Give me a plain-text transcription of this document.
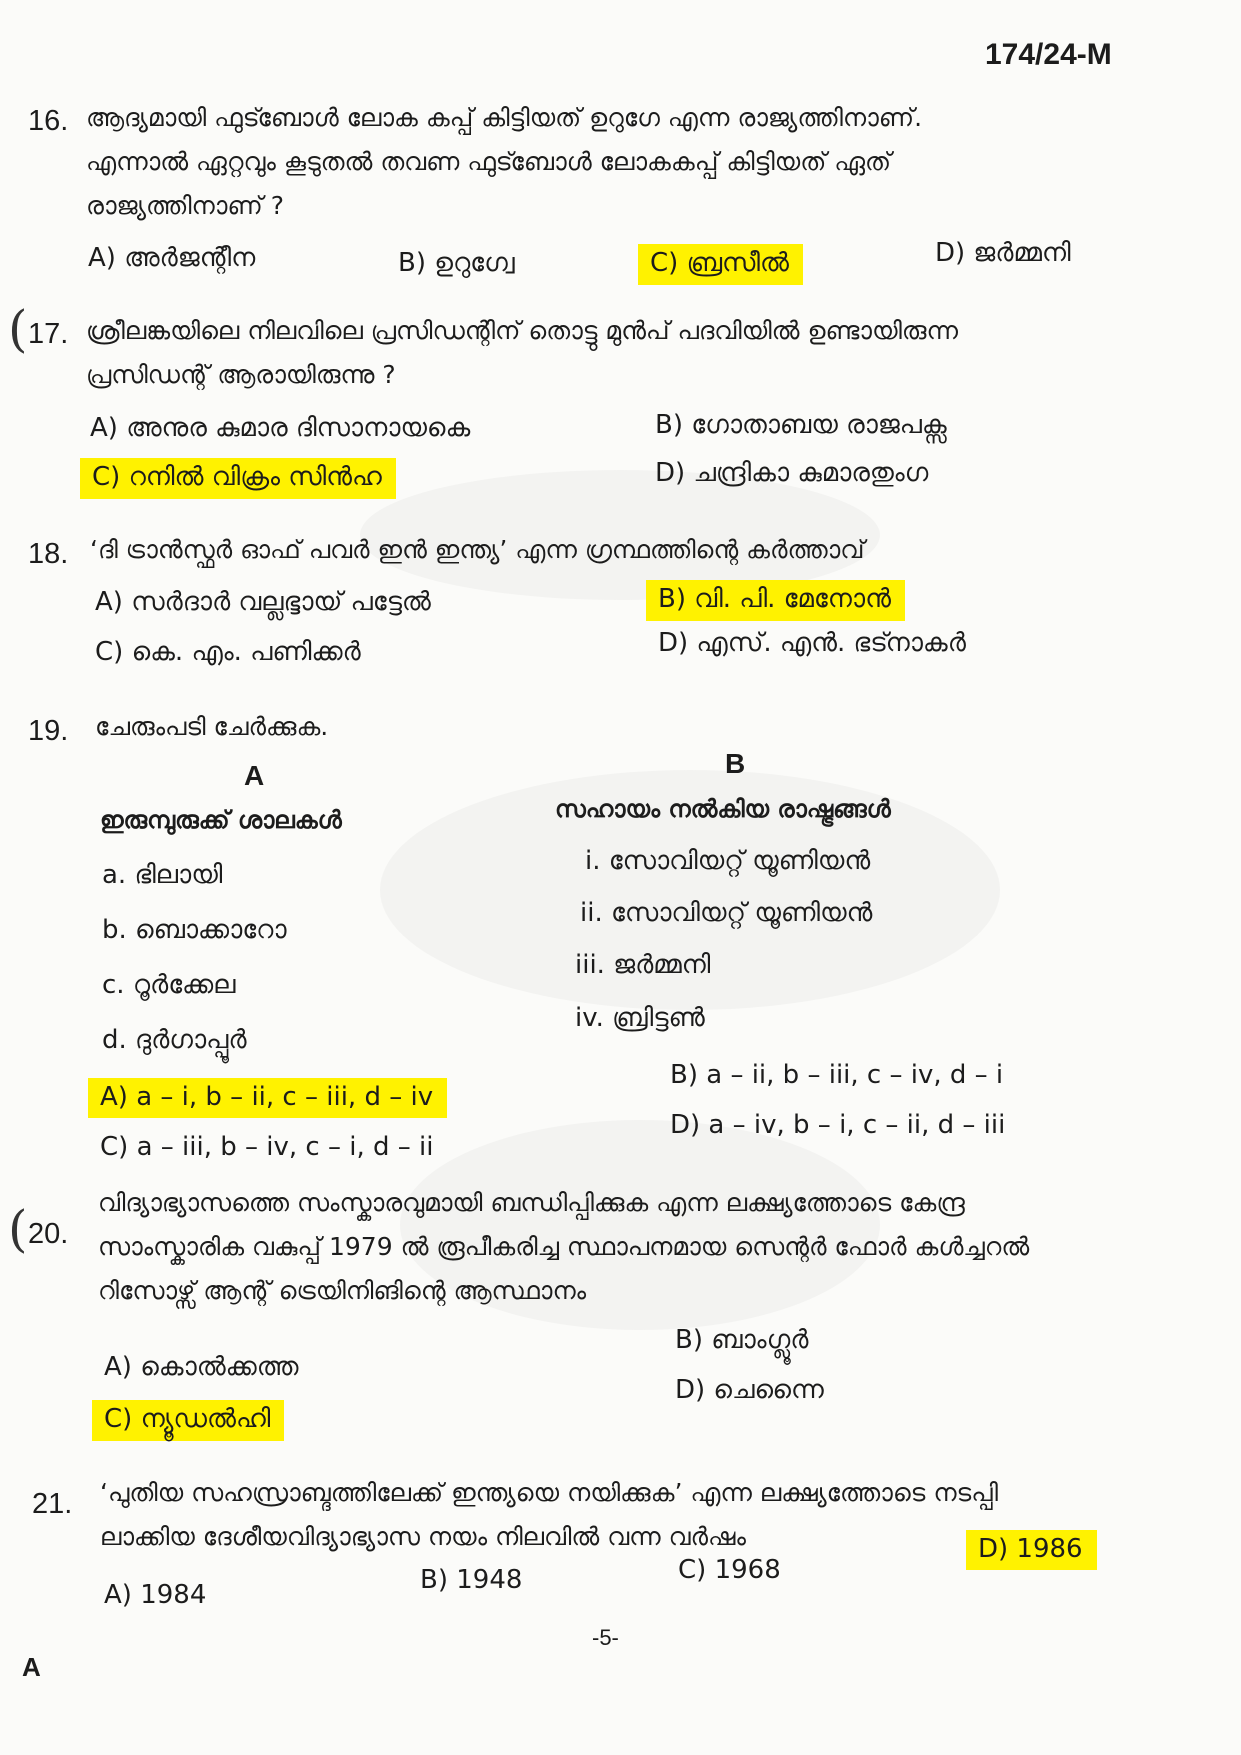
174/24-M
16. ആദ്യമായി ഫുട്ബോൾ ലോക കപ്പ് കിട്ടിയത് ഉറുഗേ എന്ന രാജ്യത്തിനാണ്.
എന്നാൽ ഏറ്റവും കൂടുതൽ തവണ ഫുട്ബോൾ ലോകകപ്പ് കിട്ടിയത് ഏത്
രാജ്യത്തിനാണ് ?
A) അർജന്റീന	B) ഉറുഗ്വേ	C) ബ്രസീൽ	D) ജർമ്മനി
( 17. ശ്രീലങ്കയിലെ നിലവിലെ പ്രസിഡന്റിന് തൊട്ടു മുൻപ് പദവിയിൽ ഉണ്ടായിരുന്ന
പ്രസിഡന്റ് ആരായിരുന്നു ?
A) അനുര കുമാര ദിസാനായകെ	B) ഗോതാബയ രാജപക്സ
C) റനിൽ വിക്രം സിൻഹ	D) ചന്ദ്രികാ കുമാരതുംഗ
18. ‘ദി ട്രാൻസ്ഫർ ഓഫ് പവർ ഇൻ ഇന്ത്യ’ എന്ന ഗ്രന്ഥത്തിന്റെ കർത്താവ്
A) സർദാർ വല്ലഭ്ഭായ് പട്ടേൽ	B) വി. പി. മേനോൻ
C) കെ. എം. പണിക്കർ	D) എസ്. എൻ. ഭട്നാകർ
19. ചേരുംപടി ചേർക്കുക.
A	B
ഇരുമ്പുരുക്ക് ശാലകൾ	സഹായം നൽകിയ രാഷ്ട്രങ്ങൾ
a. ഭിലായി
b. ബൊക്കാറോ
c. റൂർക്കേല
d. ദുർഗാപ്പൂർ
i. സോവിയറ്റ് യൂണിയൻ
ii. സോവിയറ്റ് യൂണിയൻ
iii. ജർമ്മനി
iv. ബ്രിട്ടൺ
A) a – i, b – ii, c – iii, d – iv
B) a – ii, b – iii, c – iv, d – i
C) a – iii, b – iv, c – i, d – ii
D) a – iv, b – i, c – ii, d – iii
( 20.
വിദ്യാഭ്യാസത്തെ സംസ്കാരവുമായി ബന്ധിപ്പിക്കുക എന്ന ലക്ഷ്യത്തോടെ കേന്ദ്ര
സാംസ്കാരിക വകുപ്പ് 1979 ൽ രൂപീകരിച്ച സ്ഥാപനമായ സെന്റർ ഫോർ കൾച്ചറൽ
റിസോഴ്സ് ആന്റ് ട്രെയിനിങിന്റെ ആസ്ഥാനം
A) കൊൽക്കത്ത
B) ബാംഗ്ലൂർ
C) ന്യൂഡൽഹി
D) ചെന്നൈ
21. ‘പുതിയ സഹസ്രാബ്ദത്തിലേക്ക് ഇന്ത്യയെ നയിക്കുക’ എന്ന ലക്ഷ്യത്തോടെ നടപ്പി
ലാക്കിയ ദേശീയവിദ്യാഭ്യാസ നയം നിലവിൽ വന്ന വർഷം
A) 1984	B) 1948	C) 1968
D) 1986
-5-
A
